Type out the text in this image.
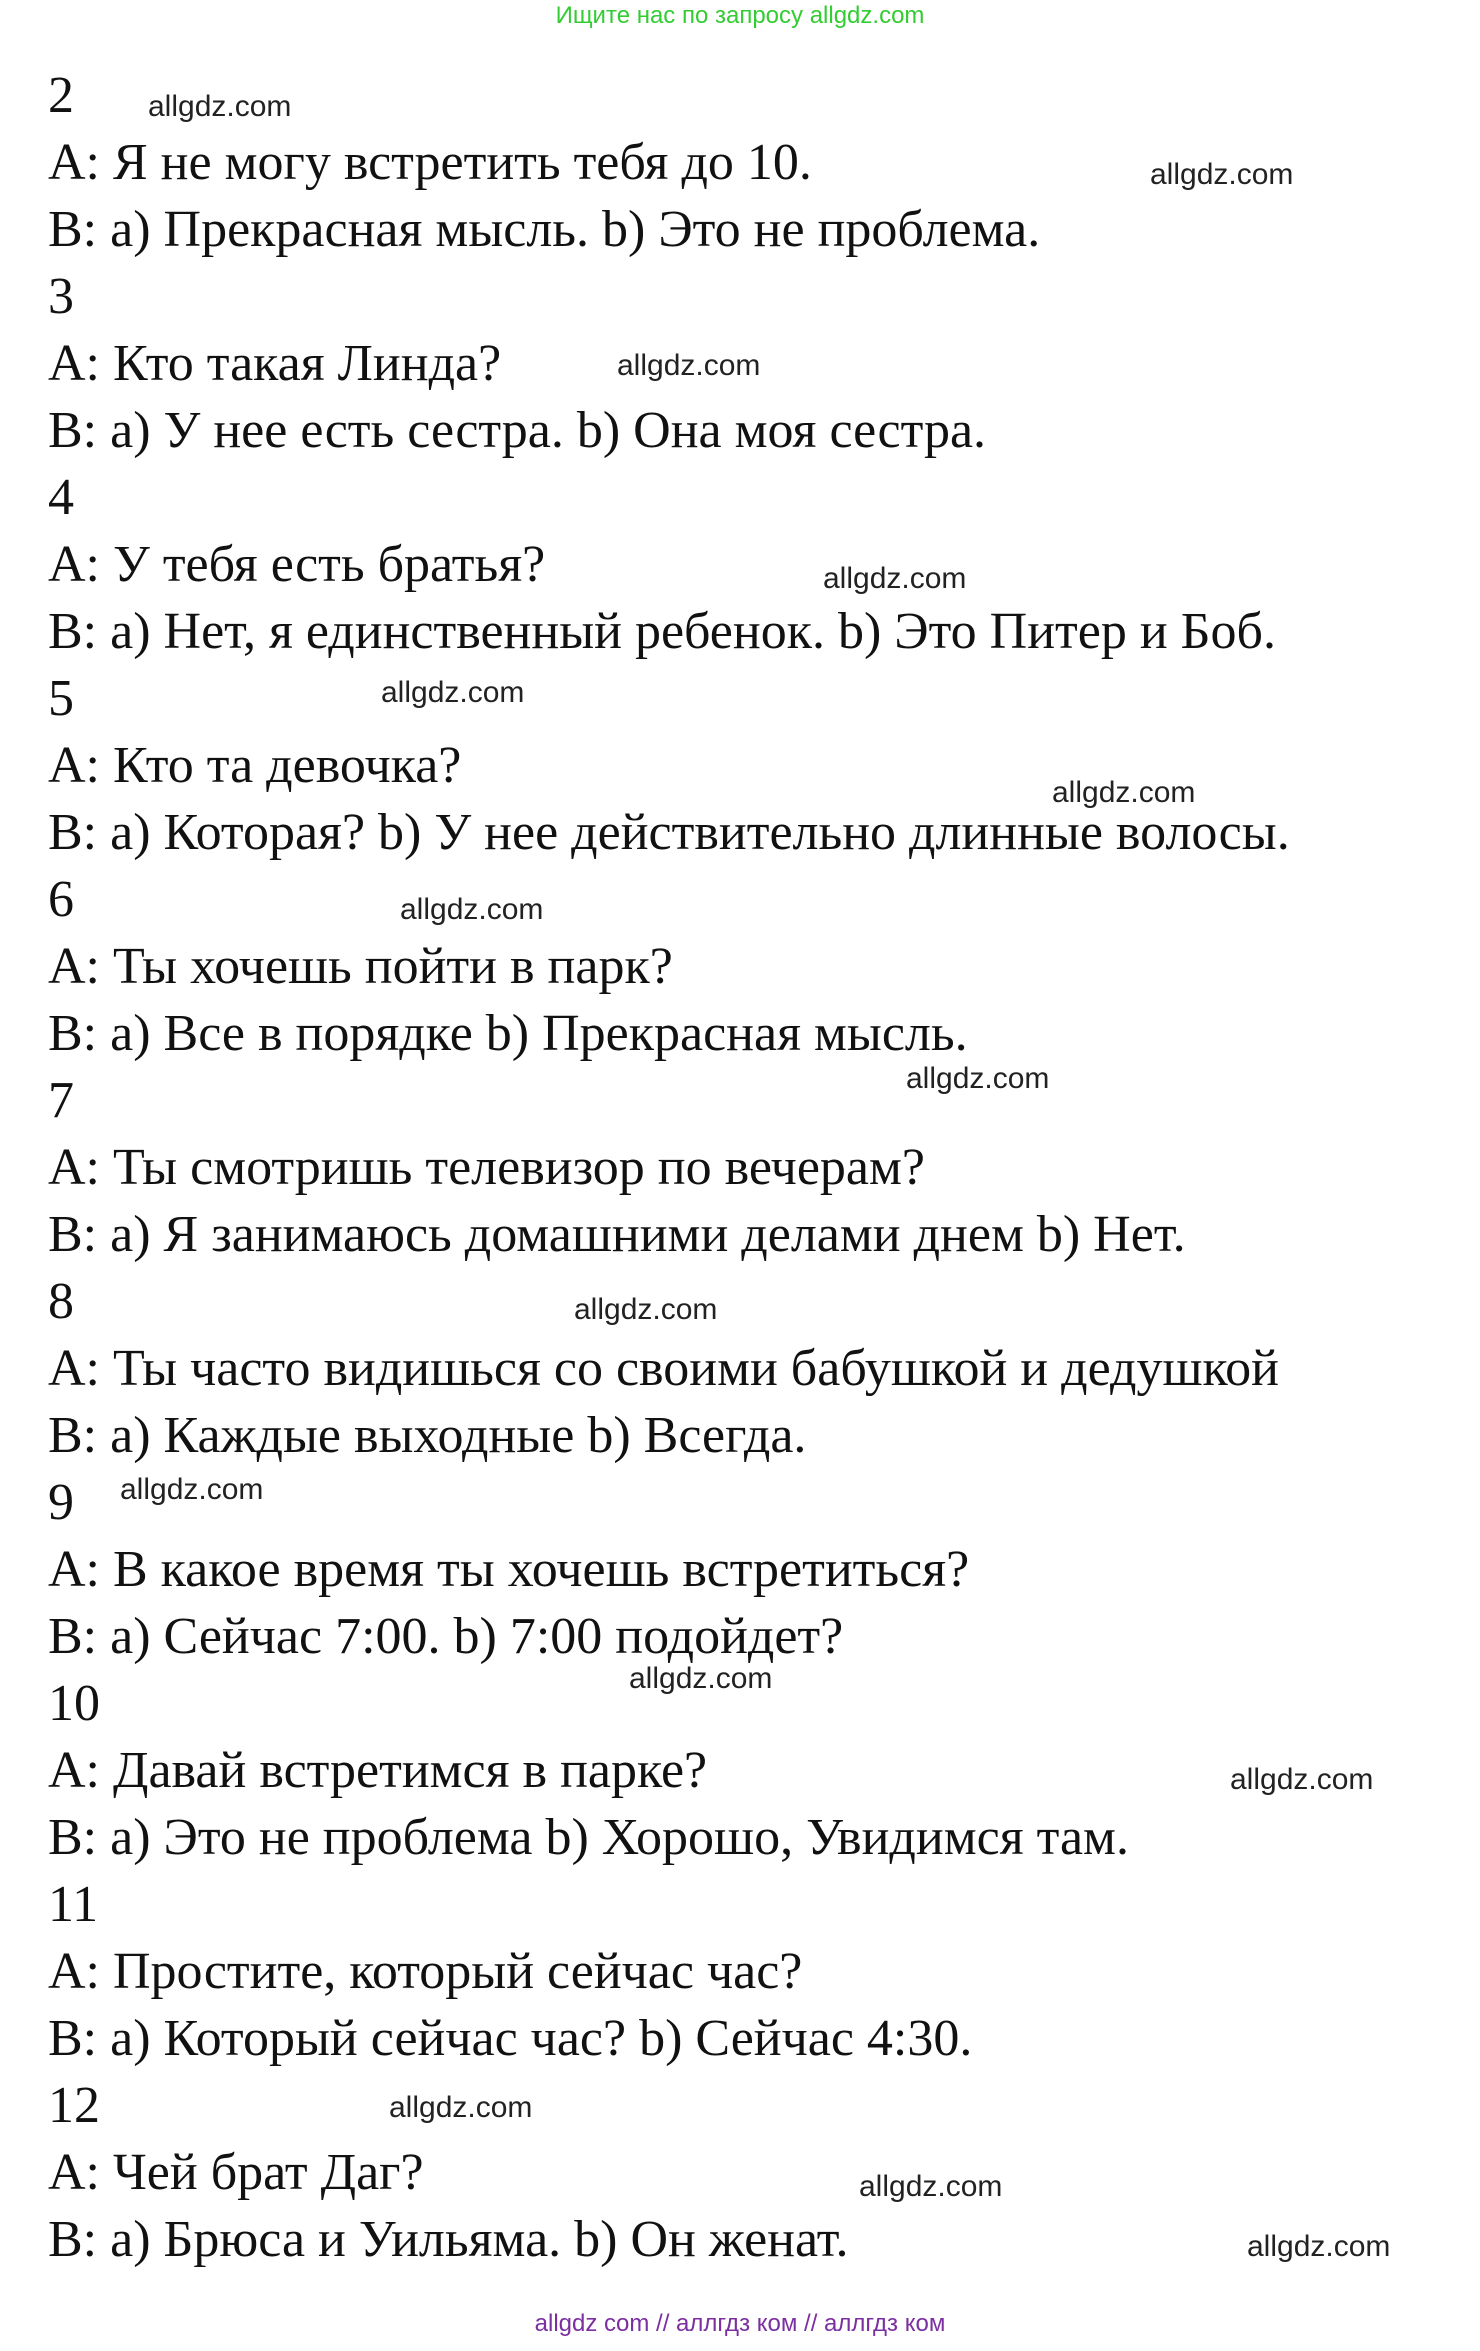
Ищите нас по запросу allgdz.com
2
A: Я не могу встретить тебя до 10.
B: a) Прекрасная мысль. b) Это не проблема.
3
A: Кто такая Линда?
B: a) У нее есть сестра. b) Она моя сестра.
4
A: У тебя есть братья?
B: a) Нет, я единственный ребенок. b) Это Питер и Боб.
5
A: Кто та девочка?
B: a) Которая? b) У нее действительно длинные волосы.
6
A: Ты хочешь пойти в парк?
B: a) Все в порядке b) Прекрасная мысль.
7
A: Ты смотришь телевизор по вечерам?
B: a) Я занимаюсь домашними делами днем b) Нет.
8
A: Ты часто видишься со своими бабушкой и дедушкой
B: a) Каждые выходные b) Всегда.
9
A: В какое время ты хочешь встретиться?
B: a) Сейчас 7:00. b) 7:00 подойдет?
10
A: Давай встретимся в парке?
B: a) Это не проблема b) Хорошо, Увидимся там.
11
A: Простите, который сейчас час?
B: a) Который сейчас час? b) Сейчас 4:30.
12
A: Чей брат Даг?
B: a) Брюса и Уильяма. b) Он женат.
allgdz.com
allgdz.com
allgdz.com
allgdz.com
allgdz.com
allgdz.com
allgdz.com
allgdz.com
allgdz.com
allgdz.com
allgdz.com
allgdz.com
allgdz.com
allgdz.com
allgdz.com
allgdz com // аллгдз ком // аллгдз ком
